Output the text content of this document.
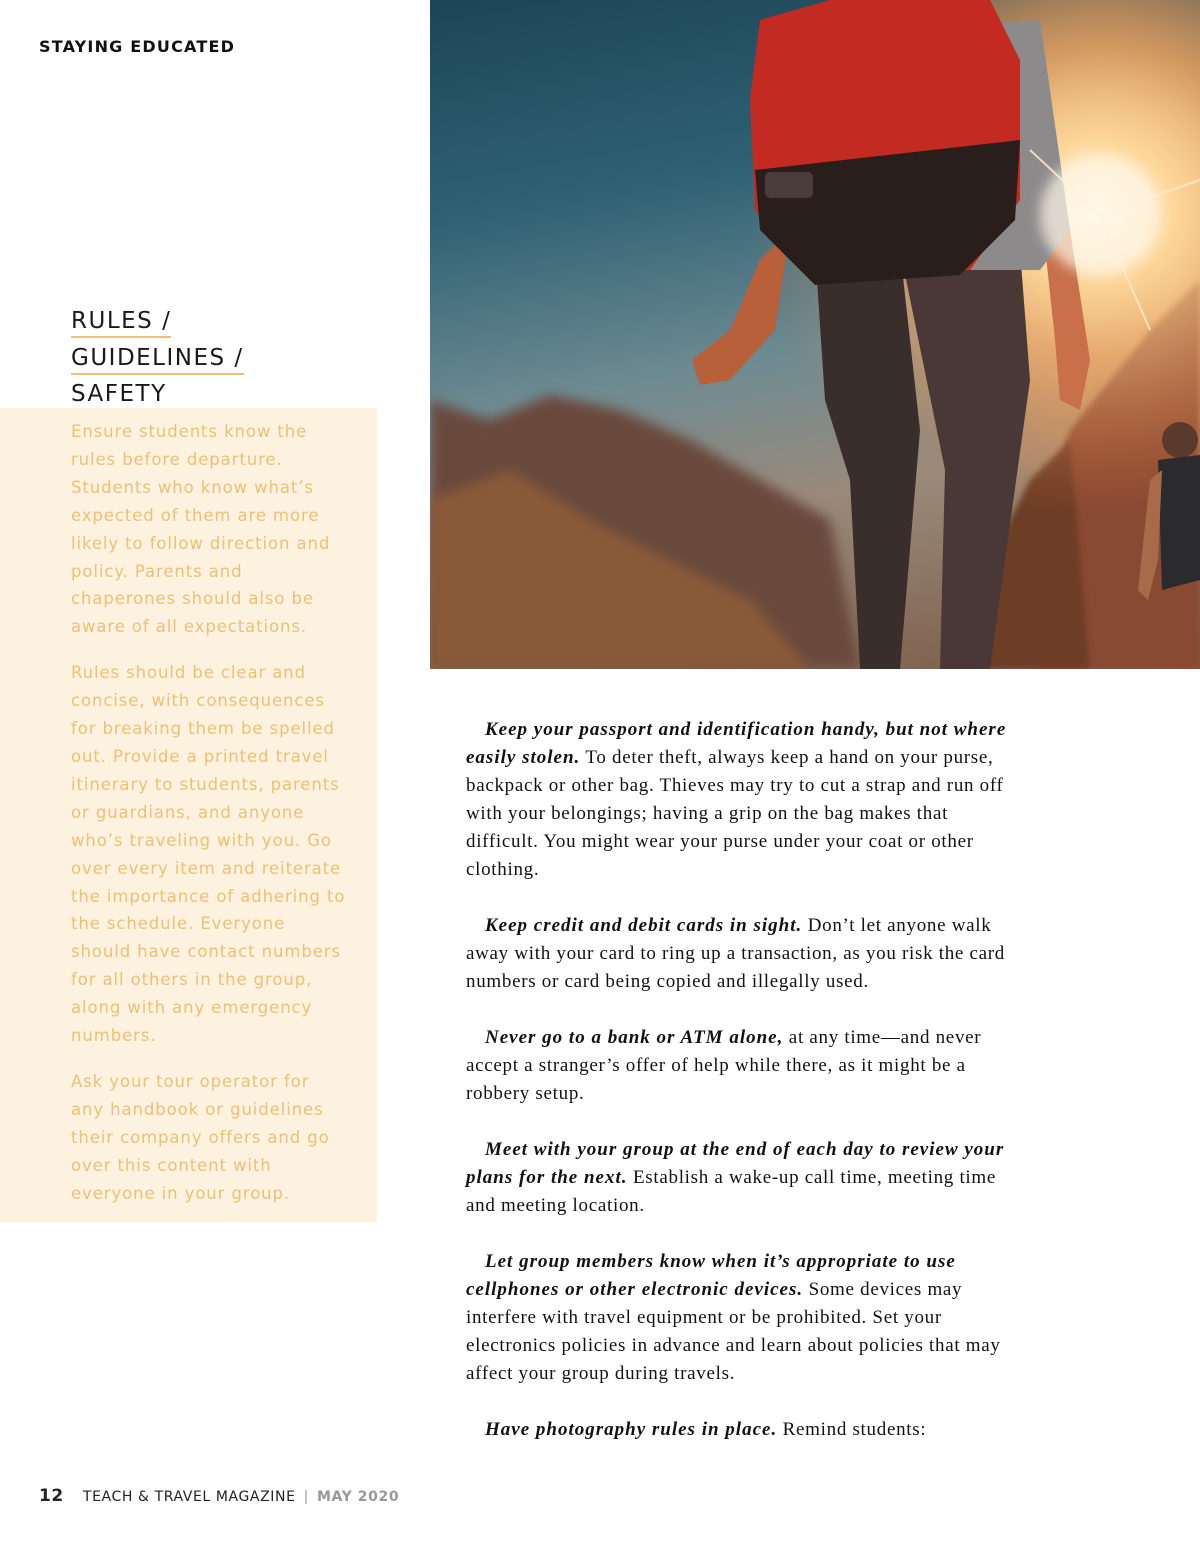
STAYING EDUCATED
RULES /
GUIDELINES /
SAFETY

Ensure students know the rules before departure. Students who know what’s expected of them are more likely to follow direction and policy. Parents and chaperones should also be aware of all expectations.

Rules should be clear and concise, with consequences for breaking them be spelled out. Provide a printed travel itinerary to students, parents or guardians, and anyone who’s traveling with you. Go over every item and reiterate the importance of adhering to the schedule. Everyone should have contact numbers for all others in the group, along with any emergency numbers.

Ask your tour operator for any handbook or guidelines their company offers and go over this content with everyone in your group.

Keep your passport and identification handy, but not where easily stolen. To deter theft, always keep a hand on your purse, backpack or other bag. Thieves may try to cut a strap and run off with your belongings; having a grip on the bag makes that difficult. You might wear your purse under your coat or other clothing.

Keep credit and debit cards in sight. Don’t let anyone walk away with your card to ring up a transaction, as you risk the card numbers or card being copied and illegally used.

Never go to a bank or ATM alone, at any time—and never accept a stranger’s offer of help while there, as it might be a robbery setup.

Meet with your group at the end of each day to review your plans for the next. Establish a wake-up call time, meeting time and meeting location.

Let group members know when it’s appropriate to use cellphones or other electronic devices. Some devices may interfere with travel equipment or be prohibited. Set your electronics policies in advance and learn about policies that may affect your group during travels.

Have photography rules in place. Remind students:

12 TEACH & TRAVEL MAGAZINE | MAY 2020
